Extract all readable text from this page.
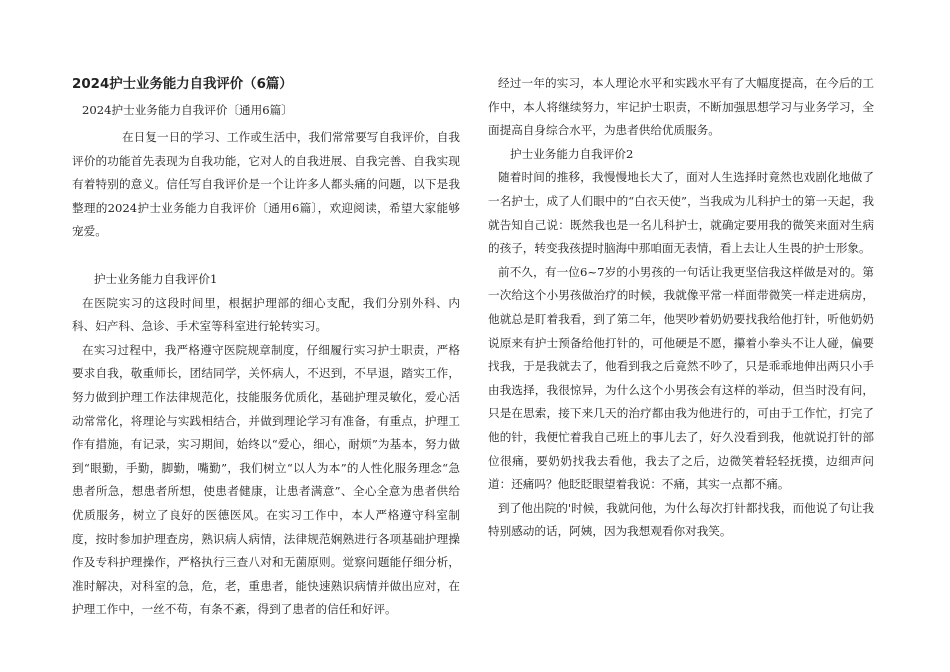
2024护士业务能力自我评价（6篇）

2024护士业务能力自我评价〔通用6篇〕

在日复一日的学习、工作或生活中，我们常常要写自我评价，自我评价的功能首先表现为自我功能，它对人的自我进展、自我完善、自我实现有着特别的意义。信任写自我评价是一个让许多人都头痛的问题，以下是我整理的2024护士业务能力自我评价〔通用6篇〕，欢迎阅读，希望大家能够宠爱。

护士业务能力自我评价1

在医院实习的这段时间里，根据护理部的细心支配，我们分别外科、内科、妇产科、急诊、手术室等科室进行轮转实习。

在实习过程中，我严格遵守医院规章制度，仔细履行实习护士职责，严格要求自我，敬重师长，团结同学，关怀病人，不迟到，不早退，踏实工作，努力做到护理工作法律规范化，技能服务优质化，基础护理灵敏化，爱心活动常常化，将理论与实践相结合，并做到理论学习有准备，有重点，护理工作有措施，有记录，实习期间，始终以“爱心，细心，耐烦”为基本，努力做到“眼勤，手勤，脚勤，嘴勤”，我们树立“以人为本”的人性化服务理念“急患者所急，想患者所想，使患者健康，让患者满意”、全心全意为患者供给优质服务，树立了良好的医德医风。在实习工作中，本人严格遵守科室制度，按时参加护理查房，熟识病人病情，法律规范娴熟进行各项基础护理操作及专科护理操作，严格执行三查八对和无菌原则。觉察问题能仔细分析，准时解决，对科室的急，危，老，重患者，能快速熟识病情并做出应对，在护理工作中，一丝不苟，有条不紊，得到了患者的信任和好评。

经过一年的实习，本人理论水平和实践水平有了大幅度提高，在今后的工作中，本人将继续努力，牢记护士职责，不断加强思想学习与业务学习，全面提高自身综合水平，为患者供给优质服务。

护士业务能力自我评价2

随着时间的推移，我慢慢地长大了，面对人生选择时竟然也戏剧化地做了一名护士，成了人们眼中的“白衣天使”，当我成为儿科护士的第一天起，我就告知自己说：既然我也是一名儿科护士，就确定要用我的微笑来面对生病的孩子，转变我孩提时脑海中那咱面无表情，看上去让人生畏的护士形象。

前不久，有一位6~7岁的小男孩的一句话让我更坚信我这样做是对的。第一次给这个小男孩做治疗的时候，我就像平常一样面带微笑一样走进病房，他就总是盯着我看，到了第二年，他哭吵着奶奶要找我给他打针，听他奶奶说原来有护士预备给他打针的，可他硬是不愿，攥着小拳头不让人碰，偏要找我，于是我就去了，他看到我之后竟然不吵了，只是乖乖地伸出两只小手由我选择，我很惊异，为什么这个小男孩会有这样的举动，但当时没有问，只是在思索，接下来几天的治疗都由我为他进行的，可由于工作忙，打完了他的针，我便忙着我自己班上的事儿去了，好久没看到我，他就说打针的部位很痛，要奶奶找我去看他，我去了之后，边微笑着轻轻抚摸，边细声问道：还痛吗？他眨眨眼望着我说：不痛，其实一点都不痛。

到了他出院的'时候，我就问他，为什么每次打针都找我，而他说了句让我特别感动的话，阿姨，因为我想观看你对我笑。
